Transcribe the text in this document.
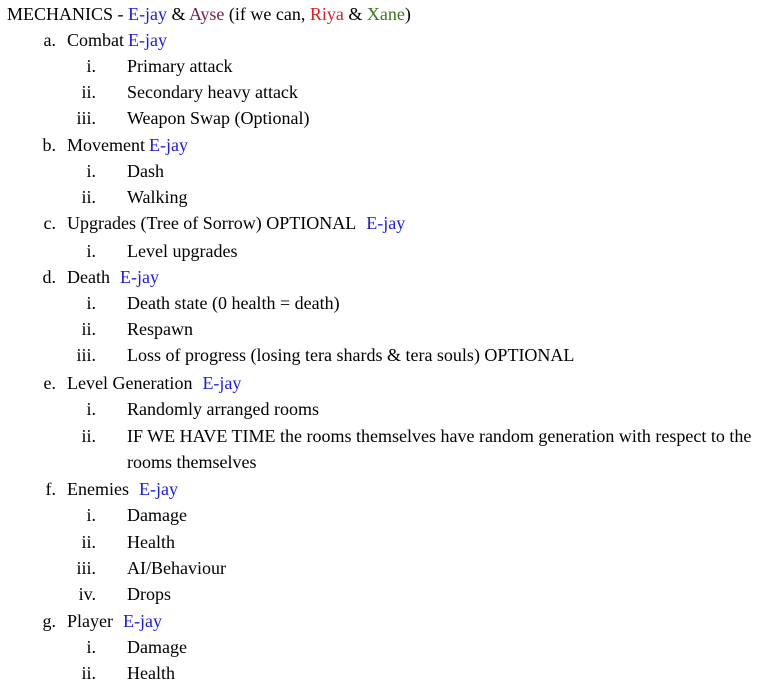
MECHANICS - E-jay & Ayse (if we can, Riya & Xane)
a. Combat E-jay
i. Primary attack
ii. Secondary heavy attack
iii. Weapon Swap (Optional)
b. Movement E-jay
i. Dash
ii. Walking
c. Upgrades (Tree of Sorrow) OPTIONAL E-jay
i. Level upgrades
d. Death E-jay
i. Death state (0 health = death)
ii. Respawn
iii. Loss of progress (losing tera shards & tera souls) OPTIONAL
e. Level Generation E-jay
i. Randomly arranged rooms
ii. IF WE HAVE TIME the rooms themselves have random generation with respect to the rooms themselves
f. Enemies E-jay
i. Damage
ii. Health
iii. AI/Behaviour
iv. Drops
g. Player E-jay
i. Damage
ii. Health
